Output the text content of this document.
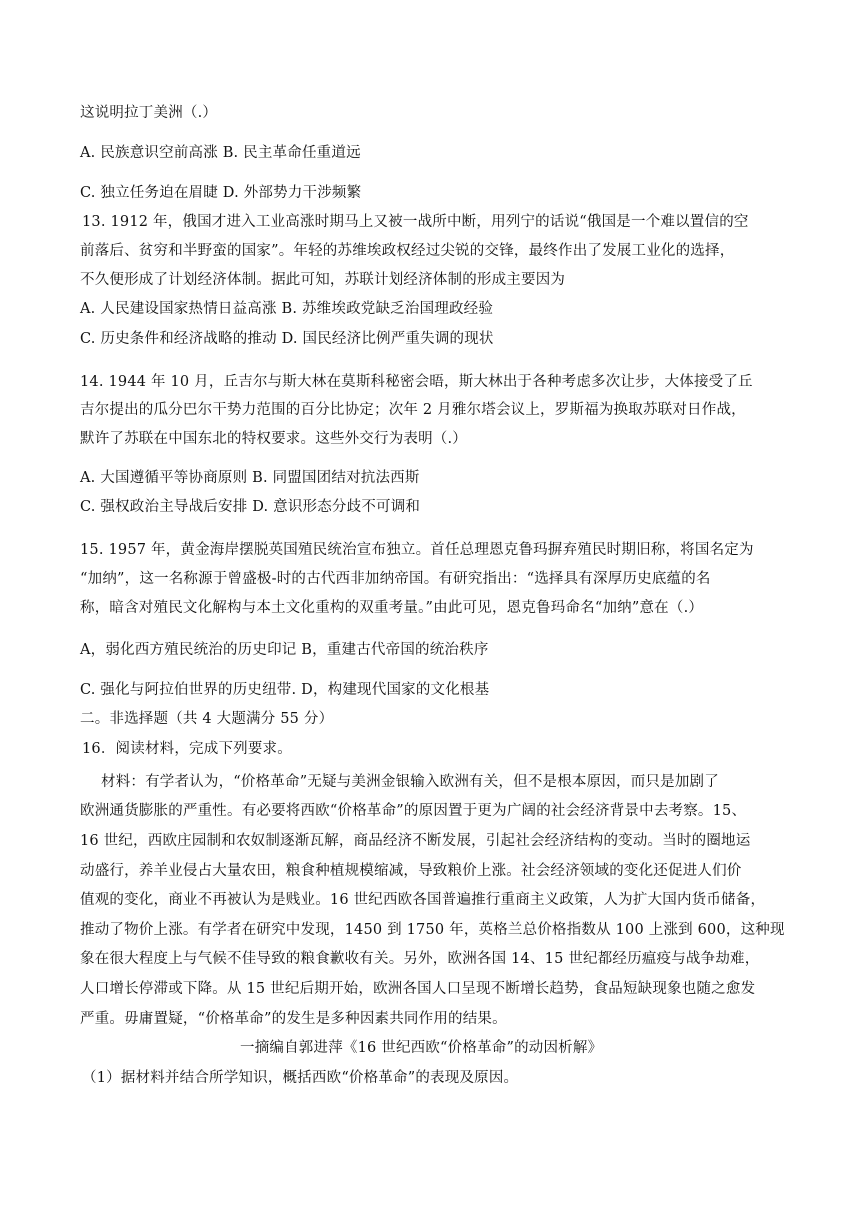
这说明拉丁美洲（.）
A. 民族意识空前高涨 B. 民主革命任重道远
C. 独立任务迫在眉睫 D. 外部势力干涉频繁
13. 1912 年，俄国才进入工业高涨时期马上又被一战所中断，用列宁的话说“俄国是一个难以置信的空
前落后、贫穷和半野蛮的国家”。年轻的苏维埃政权经过尖锐的交锋，最终作出了发展工业化的选择，
不久便形成了计划经济体制。据此可知，苏联计划经济体制的形成主要因为
A. 人民建设国家热情日益高涨 B. 苏维埃政党缺乏治国理政经验
C. 历史条件和经济战略的推动 D. 国民经济比例严重失调的现状
14. 1944 年 10 月，丘吉尔与斯大林在莫斯科秘密会晤，斯大林出于各种考虑多次让步，大体接受了丘
吉尔提出的瓜分巴尔干势力范围的百分比协定；次年 2 月雅尔塔会议上，罗斯福为换取苏联对日作战，
默许了苏联在中国东北的特权要求。这些外交行为表明（.）
A. 大国遵循平等协商原则 B. 同盟国团结对抗法西斯
C. 强权政治主导战后安排 D. 意识形态分歧不可调和
15. 1957 年，黄金海岸摆脱英国殖民统治宣布独立。首任总理恩克鲁玛摒弃殖民时期旧称，将国名定为
“加纳”，这一名称源于曾盛极-时的古代西非加纳帝国。有研究指出：“选择具有深厚历史底蕴的名
称，暗含对殖民文化解构与本土文化重构的双重考量。”由此可见，恩克鲁玛命名“加纳”意在（.）
A，弱化西方殖民统治的历史印记 B，重建古代帝国的统治秩序
C. 强化与阿拉伯世界的历史纽带. D，构建现代国家的文化根基
二。非选择题（共 4 大题满分 55 分）
16．阅读材料，完成下列要求。
材料：有学者认为，“价格革命”无疑与美洲金银输入欧洲有关，但不是根本原因，而只是加剧了
欧洲通货膨胀的严重性。有必要将西欧“价格革命”的原因置于更为广阔的社会经济背景中去考察。15、
16 世纪，西欧庄园制和农奴制逐渐瓦解，商品经济不断发展，引起社会经济结构的变动。当时的圈地运
动盛行，养羊业侵占大量农田，粮食种植规模缩减，导致粮价上涨。社会经济领域的变化还促进人们价
值观的变化，商业不再被认为是贱业。16 世纪西欧各国普遍推行重商主义政策，人为扩大国内货币储备，
推动了物价上涨。有学者在研究中发现，1450 到 1750 年，英格兰总价格指数从 100 上涨到 600，这种现
象在很大程度上与气候不佳导致的粮食歉收有关。另外，欧洲各国 14、15 世纪都经历瘟疫与战争劫难，
人口增长停滞或下降。从 15 世纪后期开始，欧洲各国人口呈现不断增长趋势，食品短缺现象也随之愈发
严重。毋庸置疑，“价格革命”的发生是多种因素共同作用的结果。
一摘编自郭进萍《16 世纪西欧“价格革命”的动因析解》
（1）据材料并结合所学知识，概括西欧“价格革命”的表现及原因。
